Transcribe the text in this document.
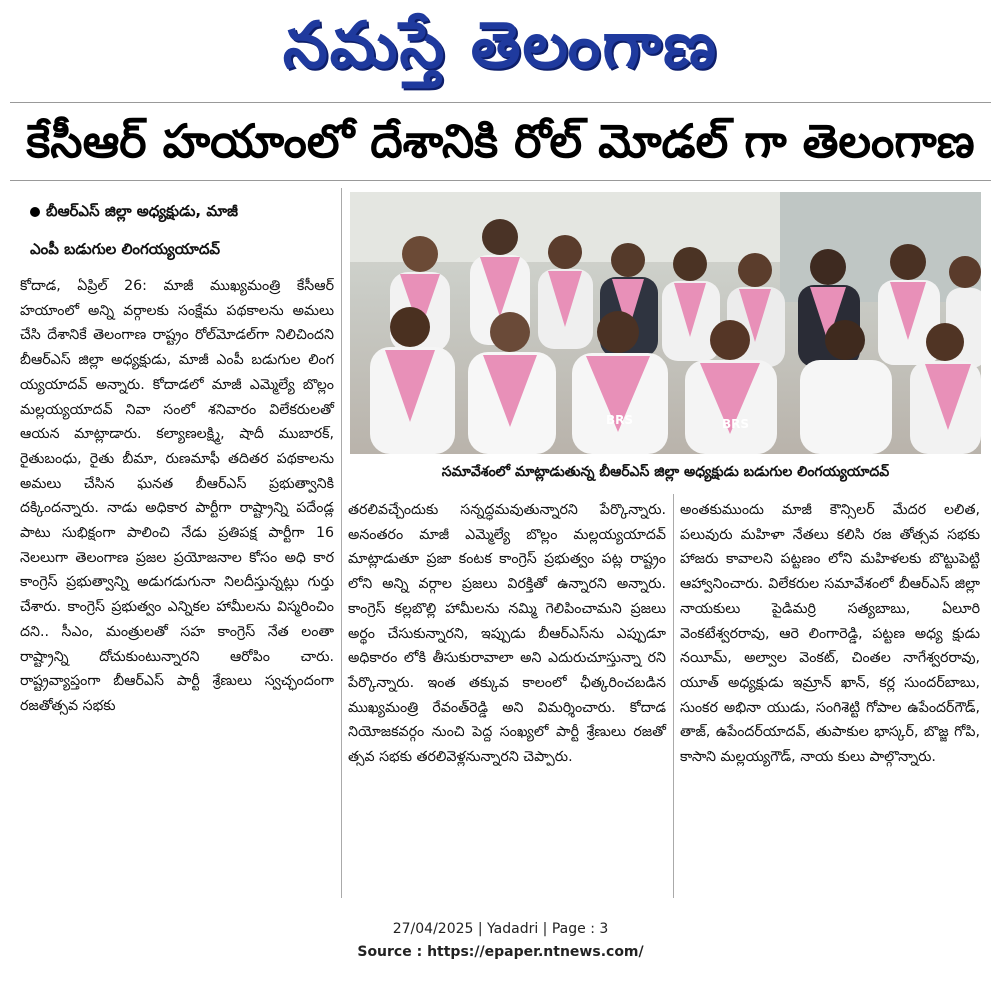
నమస్తే తెలంగాణ
కేసీఆర్ హయాంలో దేశానికి రోల్ మోడల్ గా తెలంగాణ
బీఆర్ఎస్ జిల్లా అధ్యక్షుడు, మాజీ
ఎంపీ బడుగుల లింగయ్యయాదవ్
BRS	BRS
సమావేశంలో మాట్లాడుతున్న బీఆర్ఎస్ జిల్లా అధ్యక్షుడు బడుగుల లింగయ్యయాదవ్
కోదాడ, ఏప్రిల్ 26: మాజీ ముఖ్యమంత్రి కేసీఆర్ హయాంలో అన్ని వర్గాలకు సంక్షేమ పథకాలను అమలు చేసి దేశానికే తెలంగాణ రాష్ట్రం రోల్‌మోడల్‌గా నిలిచిందని బీఆర్ఎస్ జిల్లా అధ్యక్షుడు, మాజీ ఎంపీ బడుగుల లింగ య్యయాదవ్ అన్నారు. కోదాడలో మాజీ ఎమ్మెల్యే బొల్లం మల్లయ్యయాదవ్ నివా సంలో శనివారం విలేకరులతో ఆయన మాట్లాడారు. కల్యాణలక్ష్మి, షాదీ ముబారక్, రైతుబంధు, రైతు బీమా, రుణమాఫీ తదితర పథకాలను అమలు చేసిన ఘనత బీఆర్ఎస్ ప్రభుత్వానికి దక్కిందన్నారు. నాడు అధికార పార్టీగా రాష్ట్రాన్ని పదేండ్ల పాటు సుభిక్షంగా పాలించి నేడు ప్రతిపక్ష పార్టీగా 16 నెలలుగా తెలంగాణ ప్రజల ప్రయోజనాల కోసం అధి కార కాంగ్రెస్ ప్రభుత్వాన్ని అడుగడుగునా నిలదీస్తున్నట్లు గుర్తు చేశారు. కాంగ్రెస్ ప్రభుత్వం ఎన్నికల హామీలను విస్మరించిం దని.. సీఎం, మంత్రులతో సహ కాంగ్రెస్ నేత లంతా రాష్ట్రాన్ని దోచుకుంటున్నారని ఆరోపిం చారు. రాష్ట్రవ్యాప్తంగా బీఆర్ఎస్ పార్టీ శ్రేణులు స్వచ్ఛందంగా రజతోత్సవ సభకు
తరలివచ్చేందుకు సన్నద్ధమవుతున్నారని పేర్కొన్నారు. అనంతరం మాజీ ఎమ్మెల్యే బొల్లం మల్లయ్యయాదవ్ మాట్లాడుతూ ప్రజా కంటక కాంగ్రెస్ ప్రభుత్వం పట్ల రాష్ట్రం లోని అన్ని వర్గాల ప్రజలు విరక్తితో ఉన్నారని అన్నారు. కాంగ్రెస్ కల్లబొల్లి హామీలను నమ్మి గెలిపించామని ప్రజలు అర్థం చేసుకున్నారని, ఇప్పుడు బీఆర్ఎస్‌ను ఎప్పుడూ అధికారం లోకి తీసుకురావాలా అని ఎదురుచూస్తున్నా రని పేర్కొన్నారు. ఇంత తక్కువ కాలంలో ఛీత్కరించబడిన ముఖ్యమంత్రి రేవంత్‌రెడ్డి అని విమర్శించారు. కోదాడ నియోజకవర్గం నుంచి పెద్ద సంఖ్యలో పార్టీ శ్రేణులు రజతో త్సవ సభకు తరలివెళ్లనున్నారని చెప్పారు.
అంతకుముందు మాజీ కౌన్సిలర్ మేదర లలిత, పలువురు మహిళా నేతలు కలిసి రజ తోత్సవ సభకు హాజరు కావాలని పట్టణం లోని మహిళలకు బొట్టుపెట్టి ఆహ్వానించారు. విలేకరుల సమావేశంలో బీఆర్ఎస్ జిల్లా నాయకులు పైడిమర్రి సత్యబాబు, ఏలూరి వెంకటేశ్వరరావు, ఆరె లింగారెడ్డి, పట్టణ అధ్య క్షుడు నయీమ్, అల్వాల వెంకట్, చింతల నాగేశ్వరరావు, యూత్ అధ్యక్షుడు ఇమ్రాన్ ఖాన్, కర్ల సుందర్‌బాబు, సుంకర అభినా యుడు, సంగిశెట్టి గోపాల ఉపేందర్‌గౌడ్, తాజ్, ఉపేందర్‌యాదవ్, తుపాకుల భాస్కర్, బొజ్జ గోపి, కాసాని మల్లయ్యగౌడ్, నాయ కులు పాల్గొన్నారు.
27/04/2025 | Yadadri | Page : 3
Source : https://epaper.ntnews.com/
